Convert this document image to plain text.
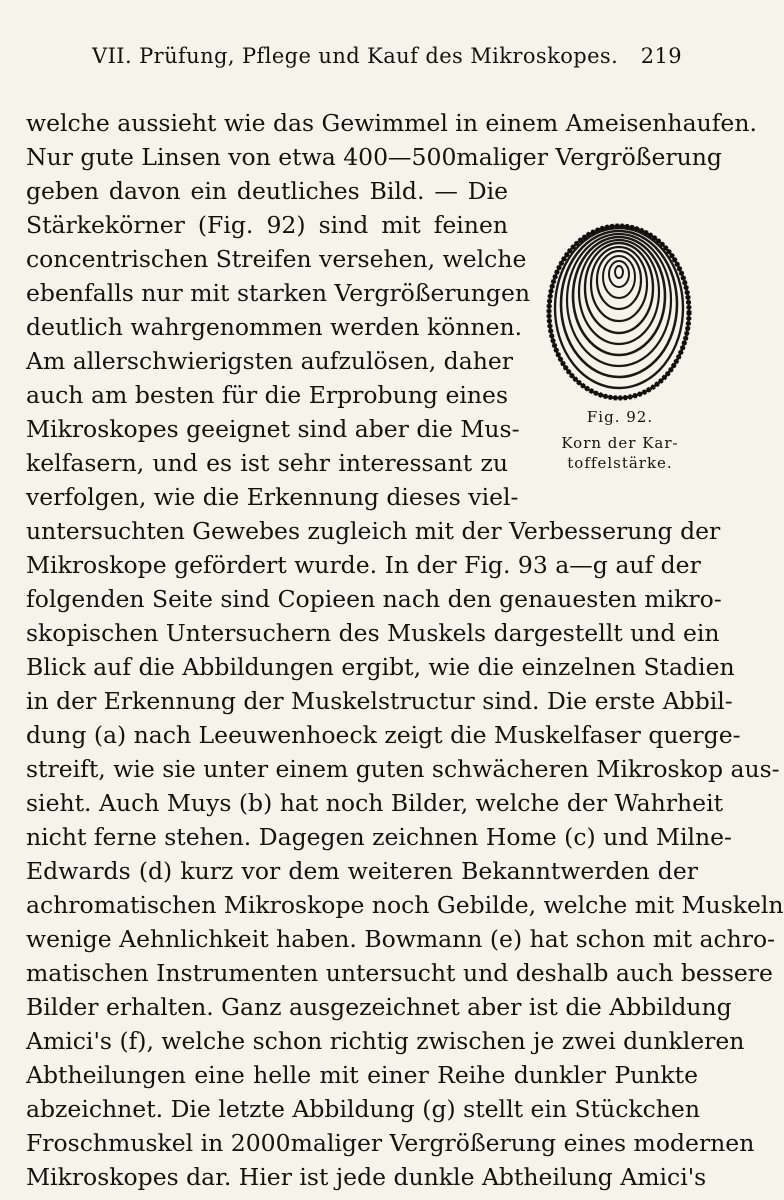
VII. Prüfung, Pflege und Kauf des Mikroskopes. 219
Fig. 92.
Korn der Kar-
toffelstärke.
welche aussieht wie das Gewimmel in einem Ameisenhaufen.
Nur gute Linsen von etwa 400—500maliger Vergrößerung
geben davon ein deutliches Bild. — Die
Stärkekörner (Fig. 92) sind mit feinen
concentrischen Streifen versehen, welche
ebenfalls nur mit starken Vergrößerungen
deutlich wahrgenommen werden können.
Am allerschwierigsten aufzulösen, daher
auch am besten für die Erprobung eines
Mikroskopes geeignet sind aber die Mus-
kelfasern, und es ist sehr interessant zu
verfolgen, wie die Erkennung dieses viel-
untersuchten Gewebes zugleich mit der Verbesserung der
Mikroskope gefördert wurde. In der Fig. 93 a—g auf der
folgenden Seite sind Copieen nach den genauesten mikro-
skopischen Untersuchern des Muskels dargestellt und ein
Blick auf die Abbildungen ergibt, wie die einzelnen Stadien
in der Erkennung der Muskelstructur sind. Die erste Abbil-
dung (a) nach Leeuwenhoeck zeigt die Muskelfaser querge-
streift, wie sie unter einem guten schwächeren Mikroskop aus-
sieht. Auch Muys (b) hat noch Bilder, welche der Wahrheit
nicht ferne stehen. Dagegen zeichnen Home (c) und Milne-
Edwards (d) kurz vor dem weiteren Bekanntwerden der
achromatischen Mikroskope noch Gebilde, welche mit Muskeln
wenige Aehnlichkeit haben. Bowmann (e) hat schon mit achro-
matischen Instrumenten untersucht und deshalb auch bessere
Bilder erhalten. Ganz ausgezeichnet aber ist die Abbildung
Amici's (f), welche schon richtig zwischen je zwei dunkleren
Abtheilungen eine helle mit einer Reihe dunkler Punkte
abzeichnet. Die letzte Abbildung (g) stellt ein Stückchen
Froschmuskel in 2000maliger Vergrößerung eines modernen
Mikroskopes dar. Hier ist jede dunkle Abtheilung Amici's
